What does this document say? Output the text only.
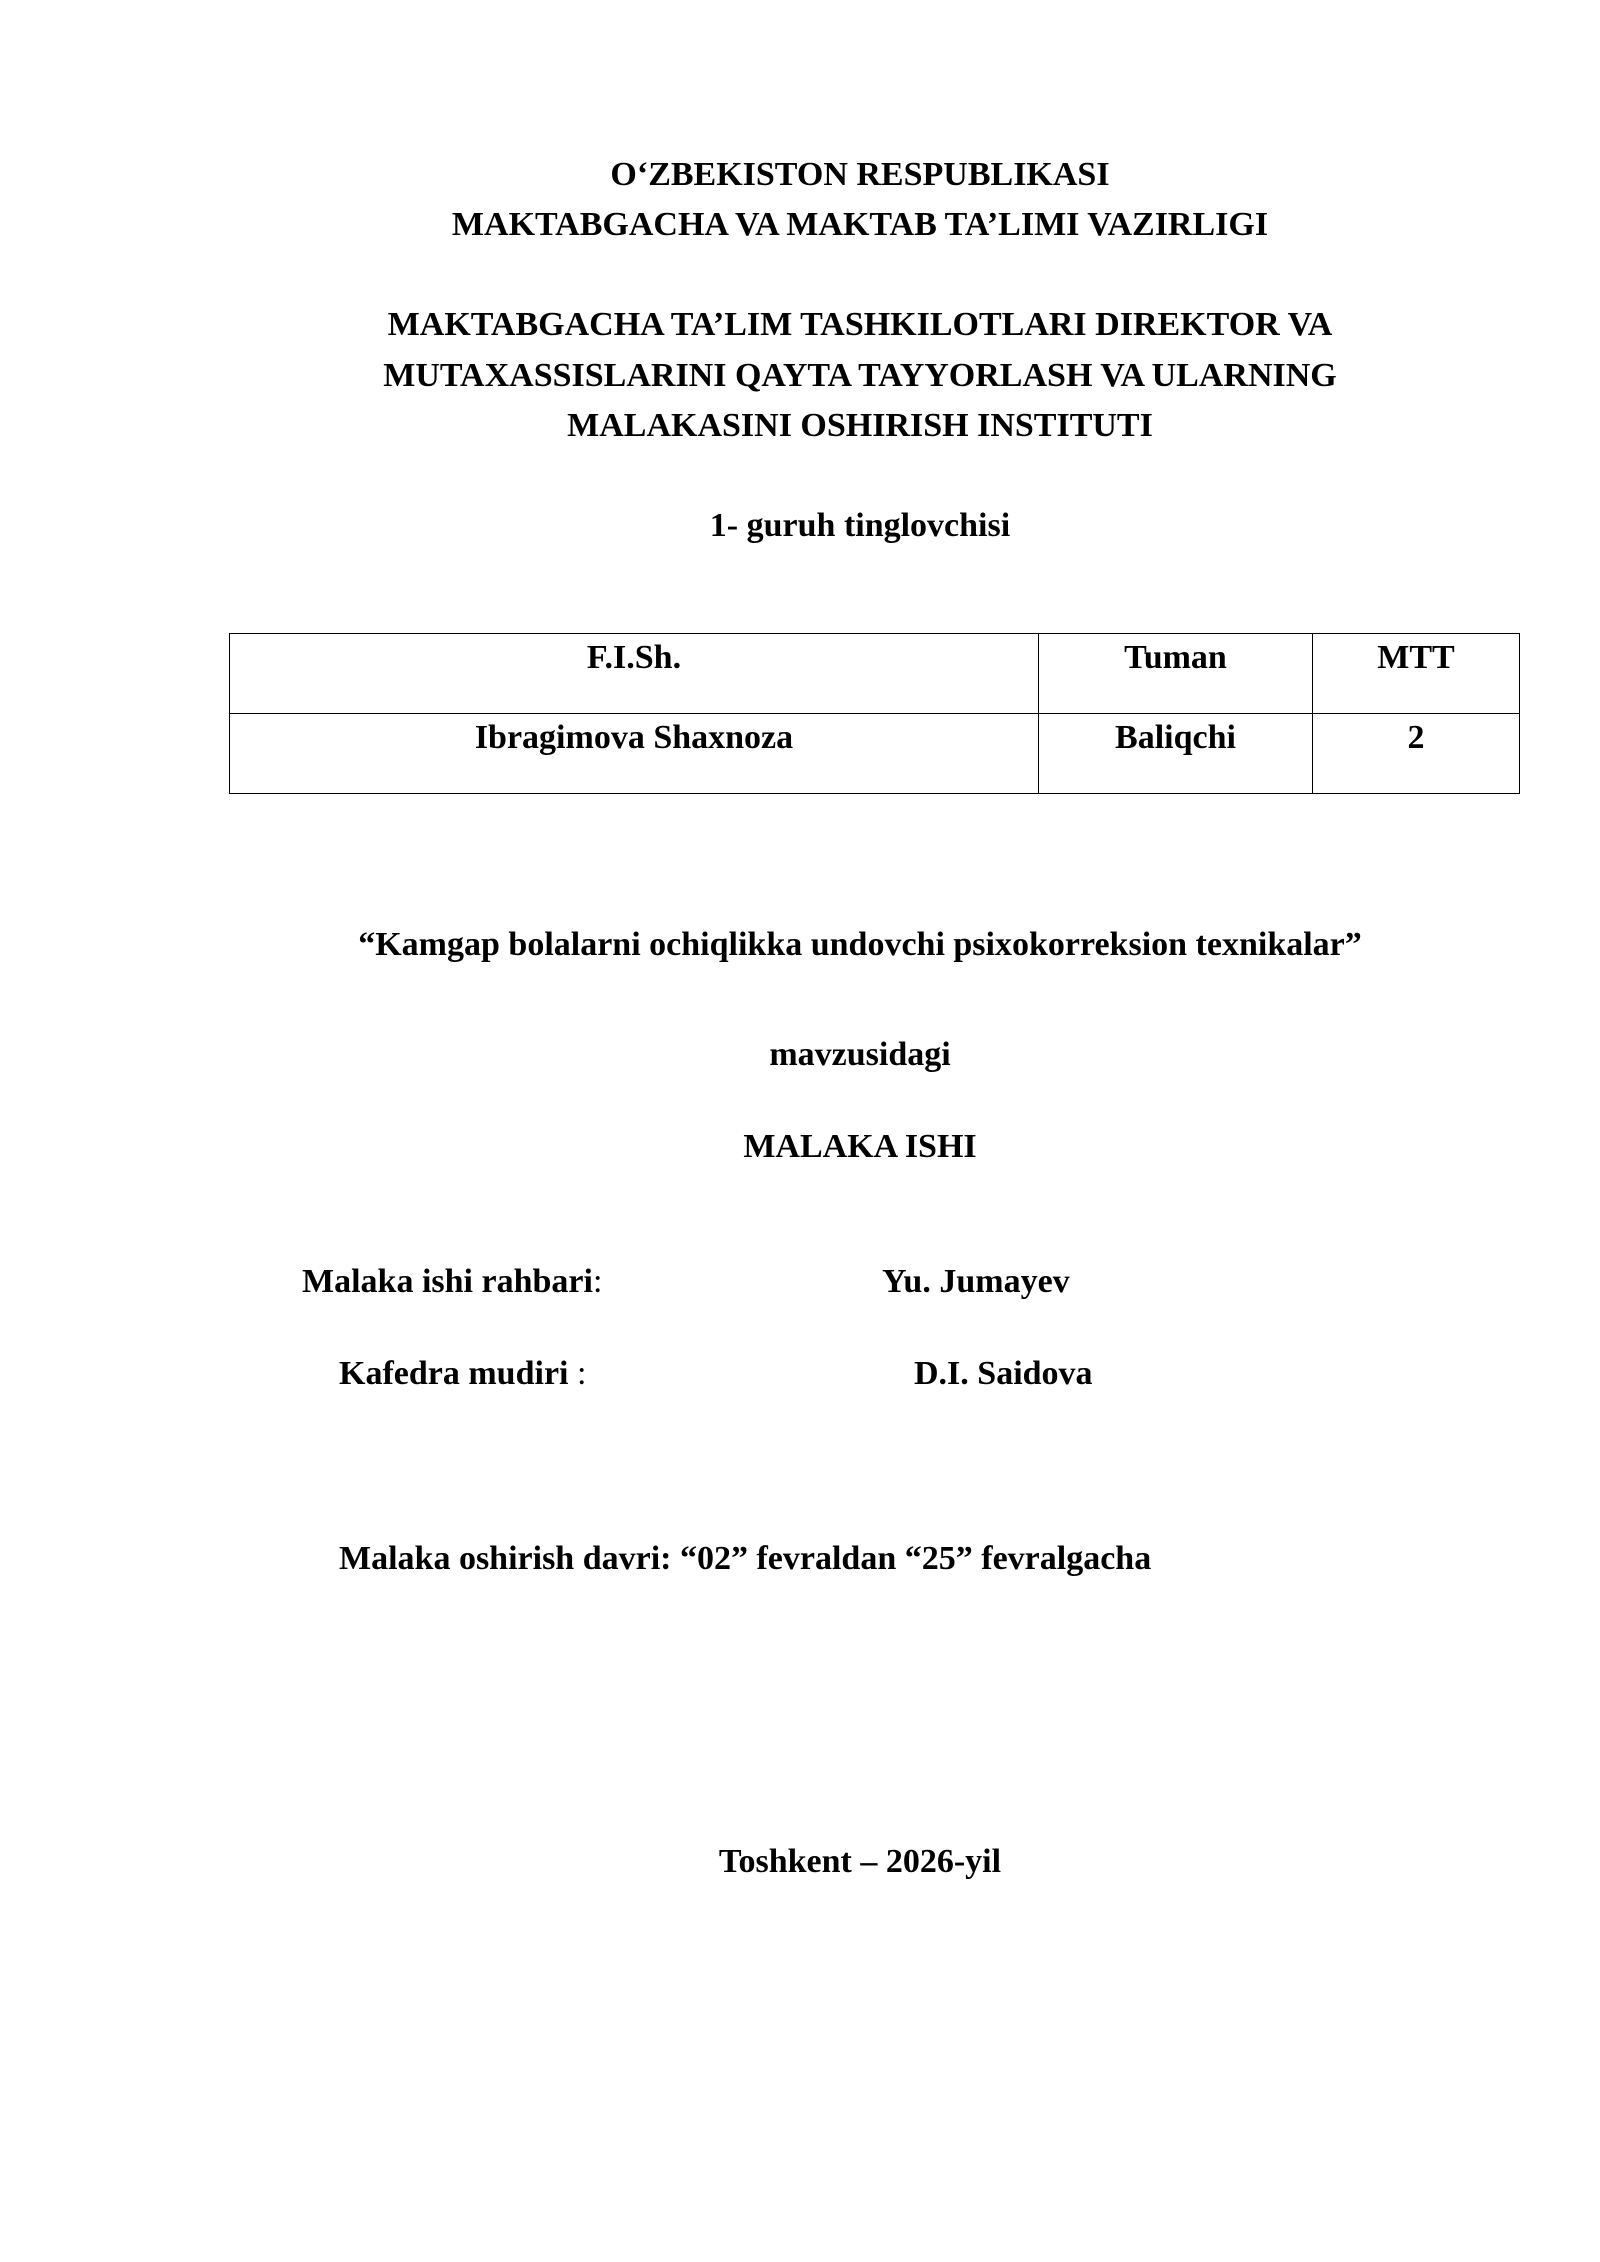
O‘ZBEKISTON RESPUBLIKASI
MAKTABGACHA VA MAKTAB TA’LIMI VAZIRLIGI
MAKTABGACHA TA’LIM TASHKILOTLARI DIREKTOR VA
MUTAXASSISLARINI QAYTA TAYYORLASH VA ULARNING
MALAKASINI OSHIRISH INSTITUTI
1- guruh tinglovchisi
F.I.Sh.	Tuman	MTT
Ibragimova Shaxnoza	Baliqchi	2
“Kamgap bolalarni ochiqlikka undovchi psixokorreksion texnikalar”
mavzusidagi
MALAKA ISHI
Malaka ishi rahbari:	Yu. Jumayev
Kafedra mudiri :	D.I. Saidova
Malaka oshirish davri: “02” fevraldan “25” fevralgacha
Toshkent – 2026-yil
